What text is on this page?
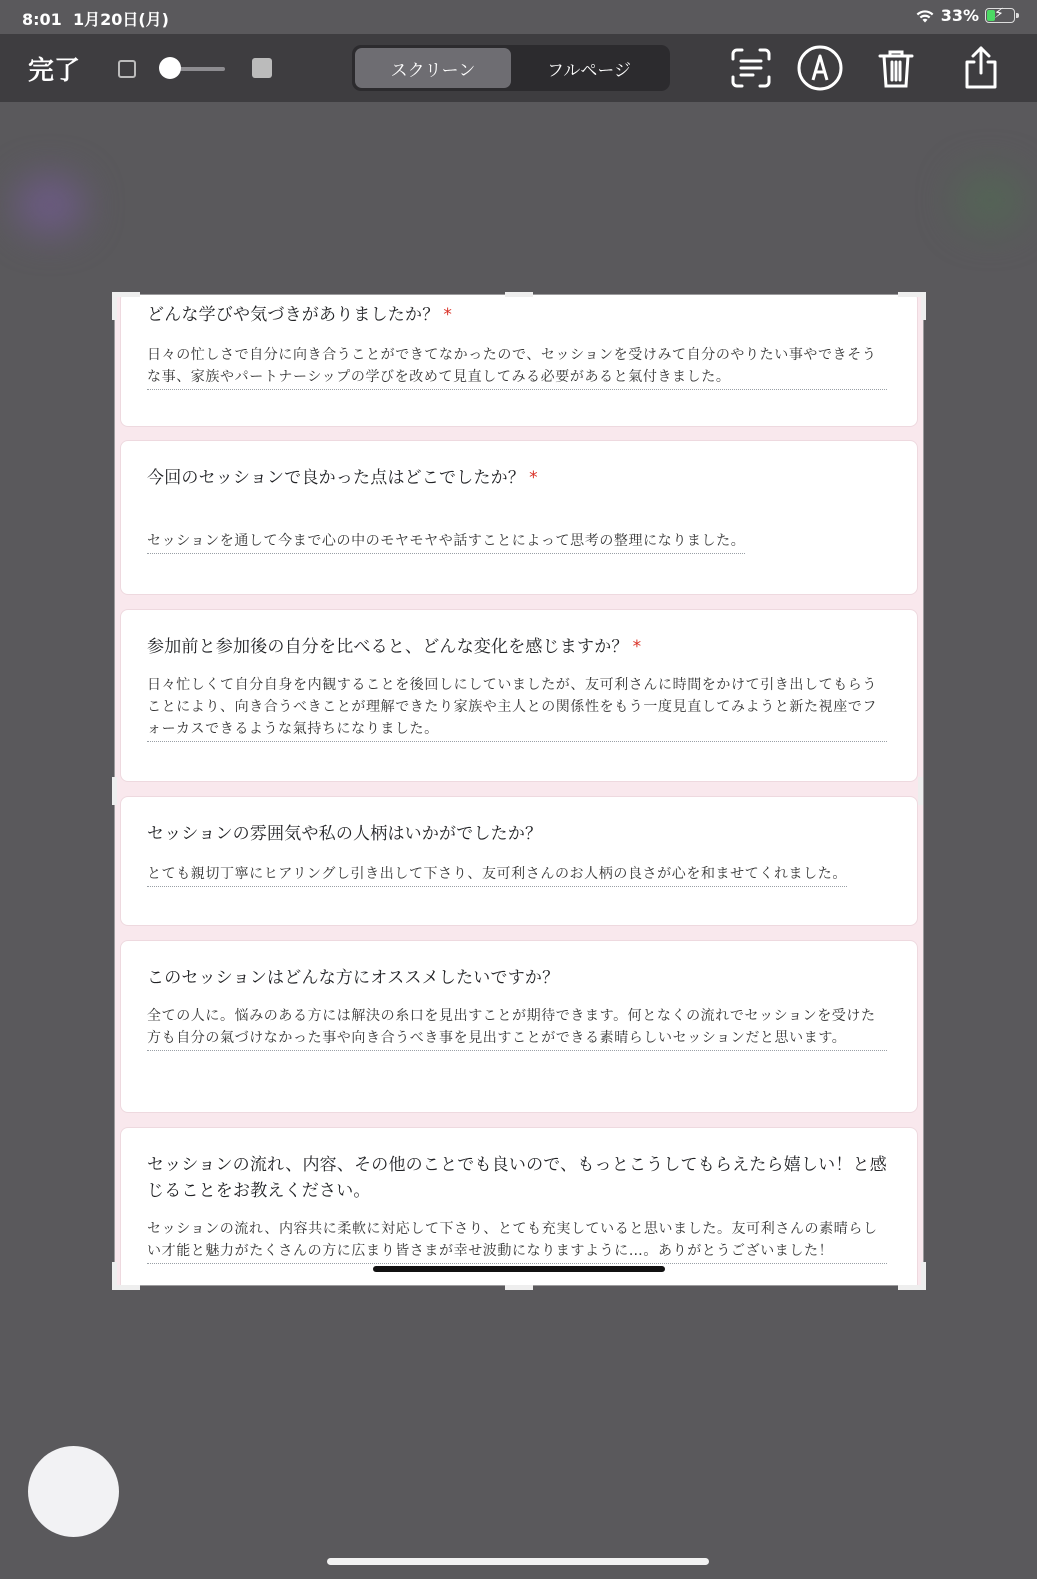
8:01 1月20日(月)	33% ⚡
完了	スクリーン	フルページ
どんな学びや気づきがありましたか？ *
日々の忙しさで自分に向き合うことができてなかったので、セッションを受けみて自分のやりたい事やできそうな事、家族やパートナーシップの学びを改めて見直してみる必要があると氣付きました。
今回のセッションで良かった点はどこでしたか？ *
セッションを通して今まで心の中のモヤモヤや話すことによって思考の整理になりました。
参加前と参加後の自分を比べると、どんな変化を感じますか？ *
日々忙しくて自分自身を内観することを後回しにしていましたが、友可利さんに時間をかけて引き出してもらうことにより、向き合うべきことが理解できたり家族や主人との関係性をもう一度見直してみようと新た視座でフォーカスできるような氣持ちになりました。
セッションの雰囲気や私の人柄はいかがでしたか？
とても親切丁寧にヒアリングし引き出して下さり、友可利さんのお人柄の良さが心を和ませてくれました。
このセッションはどんな方にオススメしたいですか？
全ての人に。悩みのある方には解決の糸口を見出すことが期待できます。何となくの流れでセッションを受けた方も自分の氣づけなかった事や向き合うべき事を見出すことができる素晴らしいセッションだと思います。
セッションの流れ、内容、その他のことでも良いので、もっとこうしてもらえたら嬉しい！と感じることをお教えください。
セッションの流れ、内容共に柔軟に対応して下さり、とても充実していると思いました。友可利さんの素晴らしい才能と魅力がたくさんの方に広まり皆さまが幸せ波動になりますように…。ありがとうございました！
